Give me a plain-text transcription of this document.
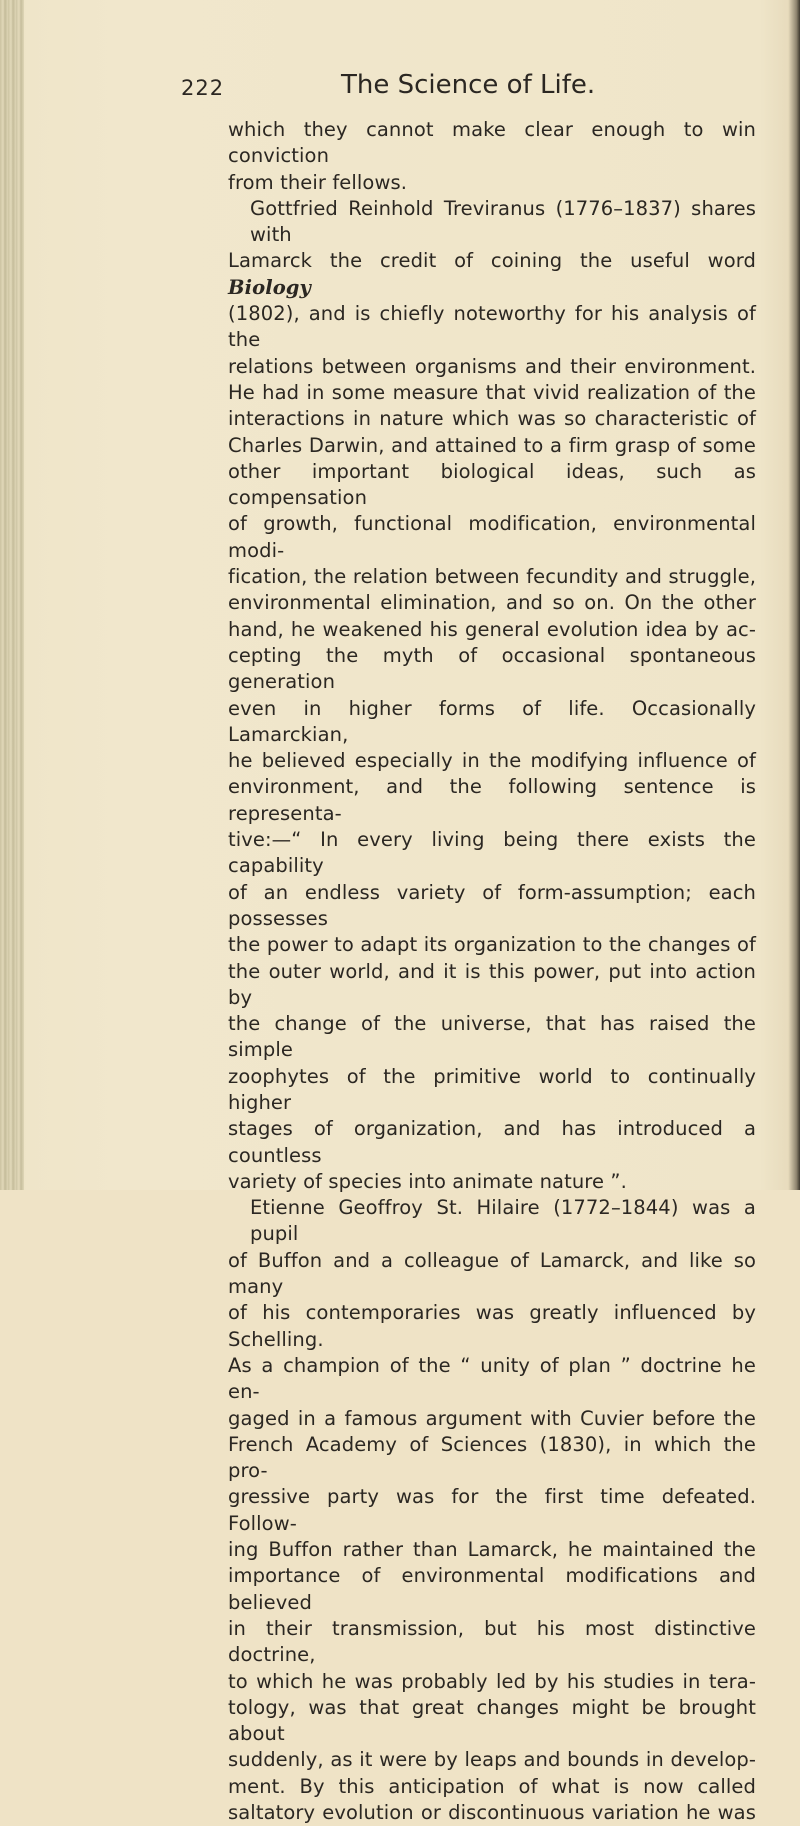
222	The Science of Life.
which they cannot make clear enough to win conviction
from their fellows.
Gottfried Reinhold Treviranus (1776–1837) shares with
Lamarck the credit of coining the useful word Biology
(1802), and is chiefly noteworthy for his analysis of the
relations between organisms and their environment.
He had in some measure that vivid realization of the
interactions in nature which was so characteristic of
Charles Darwin, and attained to a firm grasp of some
other important biological ideas, such as compensation
of growth, functional modification, environmental modi-
fication, the relation between fecundity and struggle,
environmental elimination, and so on. On the other
hand, he weakened his general evolution idea by ac-
cepting the myth of occasional spontaneous generation
even in higher forms of life. Occasionally Lamarckian,
he believed especially in the modifying influence of
environment, and the following sentence is representa-
tive:—“ In every living being there exists the capability
of an endless variety of form-assumption; each possesses
the power to adapt its organization to the changes of
the outer world, and it is this power, put into action by
the change of the universe, that has raised the simple
zoophytes of the primitive world to continually higher
stages of organization, and has introduced a countless
variety of species into animate nature ”.
Etienne Geoffroy St. Hilaire (1772–1844) was a pupil
of Buffon and a colleague of Lamarck, and like so many
of his contemporaries was greatly influenced by Schelling.
As a champion of the “ unity of plan ” doctrine he en-
gaged in a famous argument with Cuvier before the
French Academy of Sciences (1830), in which the pro-
gressive party was for the first time defeated. Follow-
ing Buffon rather than Lamarck, he maintained the
importance of environmental modifications and believed
in their transmission, but his most distinctive doctrine,
to which he was probably led by his studies in tera-
tology, was that great changes might be brought about
suddenly, as it were by leaps and bounds in develop-
ment. By this anticipation of what is now called
saltatory evolution or discontinuous variation he was
